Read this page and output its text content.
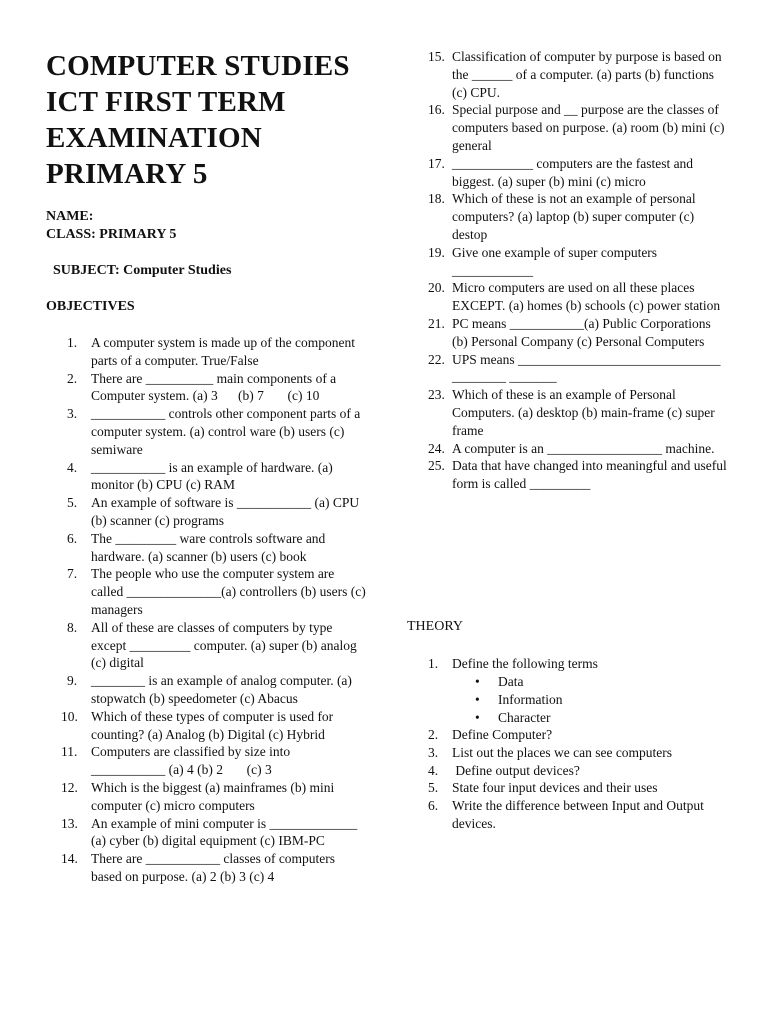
COMPUTER STUDIES
ICT FIRST TERM
EXAMINATION
PRIMARY 5
NAME:
CLASS: PRIMARY 5
SUBJECT: Computer Studies
OBJECTIVES
1. A computer system is made up of the component parts of a computer. True/False
2. There are __________ main components of a Computer system. (a) 3      (b) 7       (c) 10
3. ___________ controls other component parts of a computer system. (a) control ware (b) users (c) semiware
4. ___________ is an example of hardware. (a) monitor (b) CPU (c) RAM
5. An example of software is ___________ (a) CPU (b) scanner (c) programs
6. The _________ ware controls software and hardware. (a) scanner (b) users (c) book
7. The people who use the computer system are called ______________(a) controllers (b) users (c) managers
8. All of these are classes of computers by type except _________ computer. (a) super (b) analog (c) digital
9. ________ is an example of analog computer. (a) stopwatch (b) speedometer (c) Abacus
10. Which of these types of computer is used for counting? (a) Analog (b) Digital (c) Hybrid
11. Computers are classified by size into ___________ (a) 4 (b) 2       (c) 3
12. Which is the biggest (a) mainframes (b) mini computer (c) micro computers
13. An example of mini computer is _____________ (a) cyber (b) digital equipment (c) IBM-PC
14. There are ___________ classes of computers based on purpose. (a) 2 (b) 3 (c) 4
15. Classification of computer by purpose is based on the ______ of a computer. (a) parts (b) functions (c) CPU.
16. Special purpose and __ purpose are the classes of computers based on purpose. (a) room (b) mini (c) general
17. ____________ computers are the fastest and biggest. (a) super (b) mini (c) micro
18. Which of these is not an example of personal computers? (a) laptop (b) super computer (c) destop
19. Give one example of super computers ____________
20. Micro computers are used on all these places EXCEPT. (a) homes (b) schools (c) power station
21. PC means ___________(a) Public Corporations (b) Personal Company (c) Personal Computers
22. UPS means ______________________________________ _______
23. Which of these is an example of Personal Computers. (a) desktop (b) main-frame (c) super frame
24. A computer is an _________________ machine.
25. Data that have changed into meaningful and useful form is called _________
THEORY
1. Define the following terms
• Data
• Information
• Character
2. Define Computer?
3. List out the places we can see computers
4. Define output devices?
5. State four input devices and their uses
6. Write the difference between Input and Output devices.
